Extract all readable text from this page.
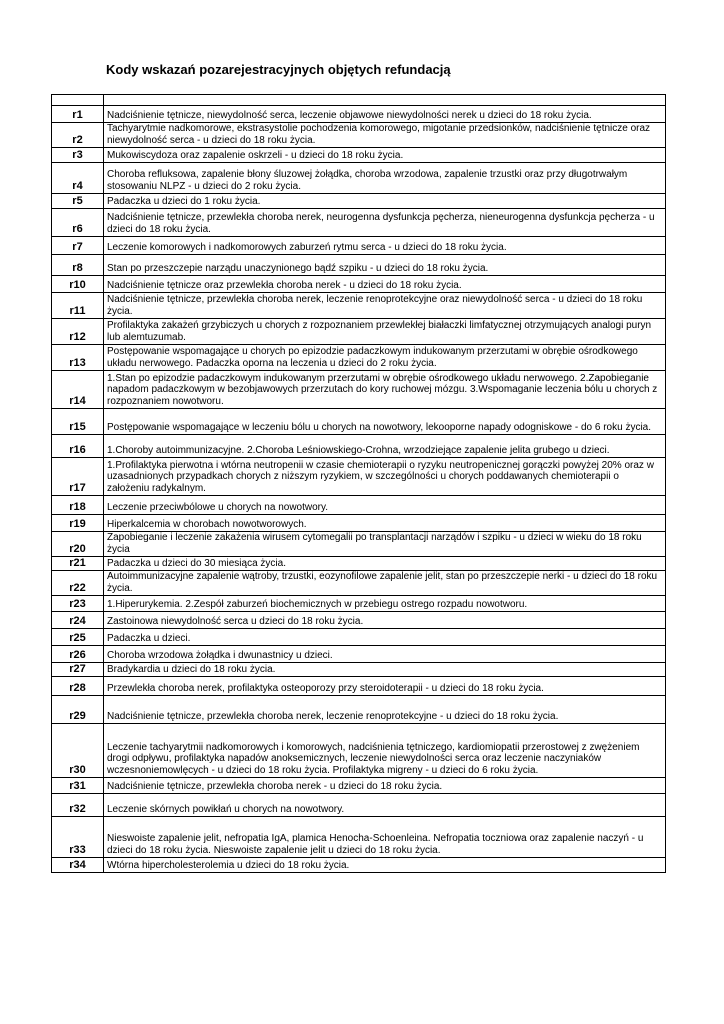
Kody wskazań pozarejestracyjnych objętych refundacją

r1	Nadciśnienie tętnicze, niewydolność serca, leczenie objawowe niewydolności nerek u dzieci do 18 roku życia.
r2	Tachyarytmie nadkomorowe, ekstrasystolie pochodzenia komorowego, migotanie przedsionków, nadciśnienie tętnicze oraz niewydolność serca - u dzieci do 18 roku życia.
r3	Mukowiscydoza oraz zapalenie oskrzeli - u dzieci do 18 roku życia.
r4	Choroba refluksowa, zapalenie błony śluzowej żołądka, choroba wrzodowa, zapalenie trzustki oraz przy długotrwałym stosowaniu NLPZ - u dzieci do 2 roku życia.
r5	Padaczka u dzieci do 1 roku życia.
r6	Nadciśnienie tętnicze, przewlekła choroba nerek, neurogenna dysfunkcja pęcherza, nieneurogenna dysfunkcja pęcherza - u dzieci do 18 roku życia.
r7	Leczenie komorowych i nadkomorowych zaburzeń rytmu serca - u dzieci do 18 roku życia.
r8	Stan po przeszczepie narządu unaczynionego bądź szpiku - u dzieci do 18 roku życia.
r10	Nadciśnienie tętnicze oraz przewlekła choroba nerek - u dzieci do 18 roku życia.
r11	Nadciśnienie tętnicze, przewlekła choroba nerek, leczenie renoprotekcyjne oraz niewydolność serca - u dzieci do 18 roku życia.
r12	Profilaktyka zakażeń grzybiczych u chorych z rozpoznaniem przewlekłej białaczki limfatycznej otrzymujących analogi puryn lub alemtuzumab.
r13	Postępowanie wspomagające u chorych po epizodzie padaczkowym indukowanym przerzutami w obrębie ośrodkowego układu nerwowego. Padaczka oporna na leczenia u dzieci do 2 roku życia.
r14	1.Stan po epizodzie padaczkowym indukowanym przerzutami w obrębie ośrodkowego układu nerwowego. 2.Zapobieganie napadom padaczkowym w bezobjawowych przerzutach do kory ruchowej mózgu. 3.Wspomaganie leczenia bólu u chorych z rozpoznaniem nowotworu.
r15	Postępowanie wspomagające w leczeniu bólu u chorych na nowotwory, lekooporne napady odogniskowe - do 6 roku życia.
r16	1.Choroby autoimmunizacyjne. 2.Choroba Leśniowskiego-Crohna, wrzodziejące zapalenie jelita grubego u dzieci.
r17	1.Profilaktyka pierwotna i wtórna neutropenii w czasie chemioterapii o ryzyku neutropenicznej gorączki powyżej 20% oraz w uzasadnionych przypadkach chorych z niższym ryzykiem, w szczególności u chorych poddawanych chemioterapii o założeniu radykalnym.
r18	Leczenie przeciwbólowe u chorych na nowotwory.
r19	Hiperkalcemia w chorobach nowotworowych.
r20	Zapobieganie i leczenie zakażenia wirusem cytomegalii po transplantacji narządów i szpiku - u dzieci w wieku do 18 roku życia
r21	Padaczka u dzieci do 30 miesiąca życia.
r22	Autoimmunizacyjne zapalenie wątroby, trzustki, eozynofilowe zapalenie jelit, stan po przeszczepie nerki - u dzieci do 18 roku życia.
r23	1.Hiperurykemia. 2.Zespół zaburzeń biochemicznych w przebiegu ostrego rozpadu nowotworu.
r24	Zastoinowa niewydolność serca u dzieci do 18 roku życia.
r25	Padaczka u dzieci.
r26	Choroba wrzodowa żołądka i dwunastnicy u dzieci.
r27	Bradykardia u dzieci do 18 roku życia.
r28	Przewlekła choroba nerek, profilaktyka osteoporozy przy steroidoterapii - u dzieci do 18 roku życia.
r29	Nadciśnienie tętnicze, przewlekła choroba nerek, leczenie renoprotekcyjne - u dzieci do 18 roku życia.
r30	Leczenie tachyarytmii nadkomorowych i komorowych, nadciśnienia tętniczego, kardiomiopatii przerostowej z zwężeniem drogi odpływu, profilaktyka napadów anoksemicznych, leczenie niewydolności serca oraz leczenie naczyniaków wczesnoniemowlęcych - u dzieci do 18 roku życia. Profilaktyka migreny - u dzieci do 6 roku życia.
r31	Nadciśnienie tętnicze, przewlekła choroba nerek - u dzieci do 18 roku życia.
r32	Leczenie skórnych powikłań u chorych na nowotwory.
r33	Nieswoiste zapalenie jelit, nefropatia IgA, plamica Henocha-Schoenleina. Nefropatia toczniowa oraz zapalenie naczyń - u dzieci do 18 roku życia. Nieswoiste zapalenie jelit u dzieci do 18 roku życia.
r34	Wtórna hipercholesterolemia u dzieci do 18 roku życia.
